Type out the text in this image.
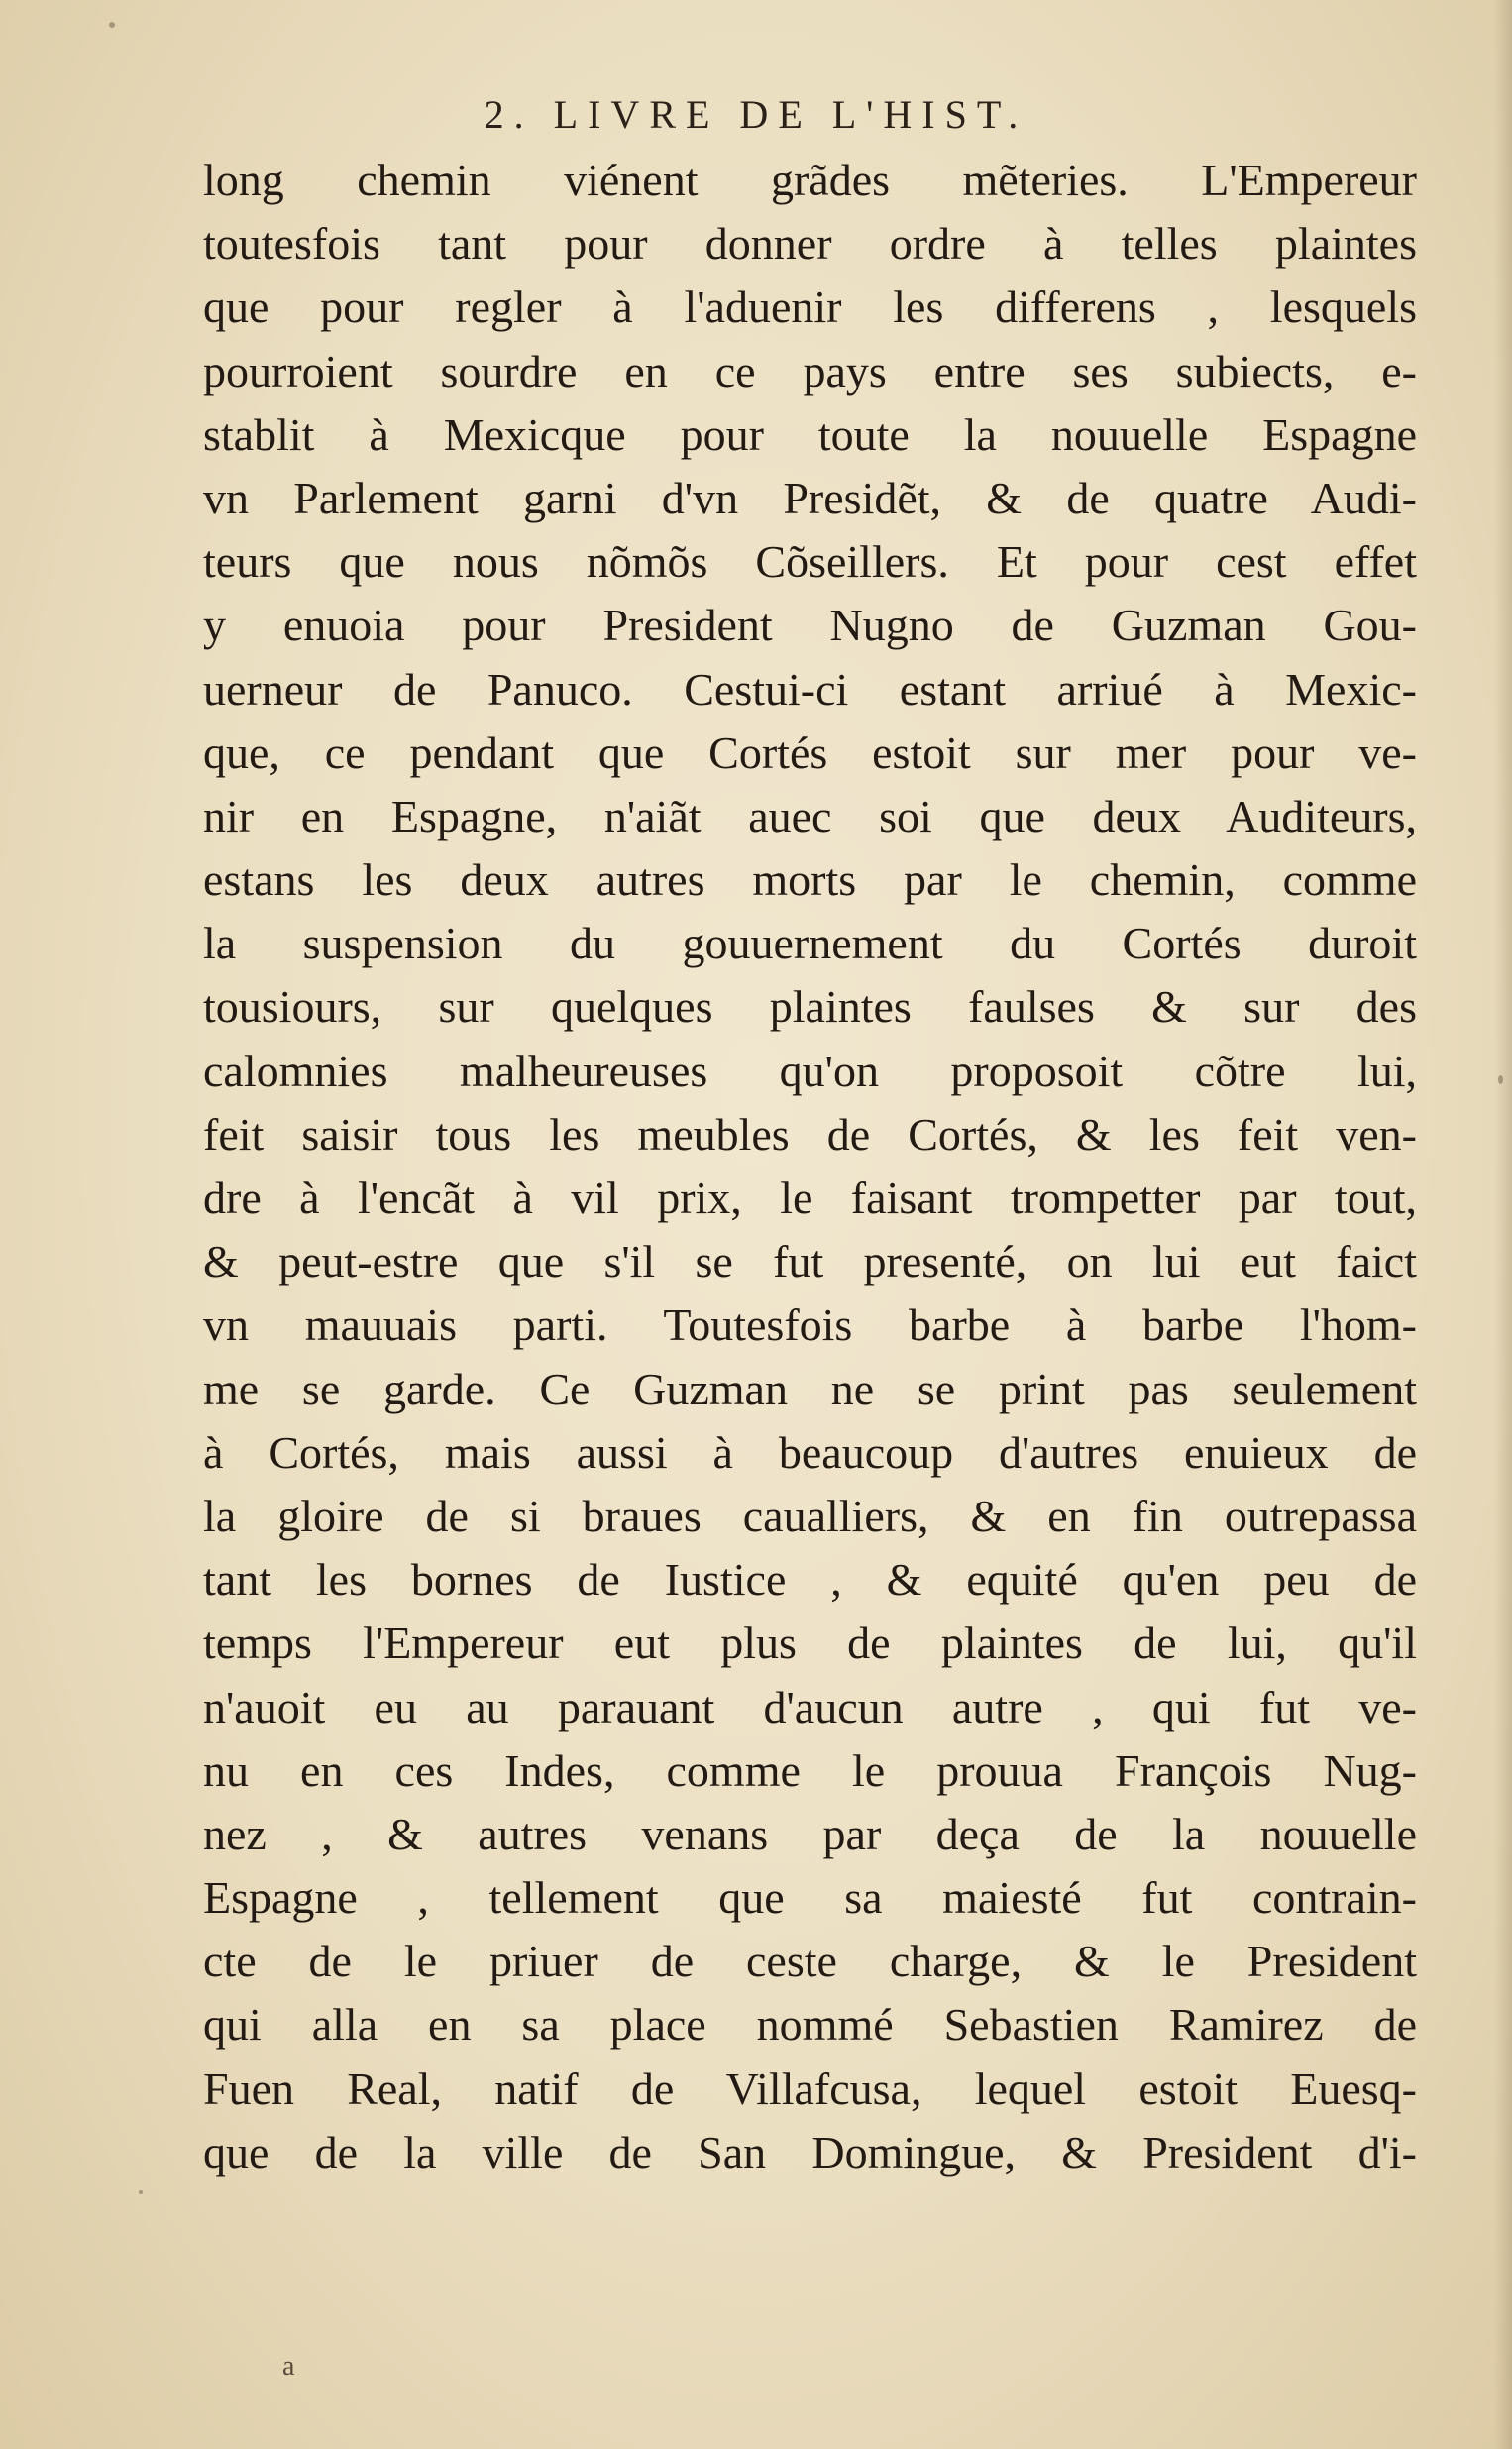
2. LIVRE DE L'HIST.
long chemin viénent grãdes mẽteries. L'Empereur
toutesfois tant pour donner ordre à telles plaintes
que pour regler à l'aduenir les differens , lesquels
pourroient sourdre en ce pays entre ses subiects, e-
stablit à Mexicque pour toute la nouuelle Espagne
vn Parlement garni d'vn Presidẽt, & de quatre Audi-
teurs que nous nõmõs Cõseillers. Et pour cest effet
y enuoia pour President Nugno de Guzman Gou-
uerneur de Panuco. Cestui-ci estant arriué à Mexic-
que, ce pendant que Cortés estoit sur mer pour ve-
nir en Espagne, n'aiãt auec soi que deux Auditeurs,
estans les deux autres morts par le chemin, comme
la suspension du gouuernement du Cortés duroit
tousiours, sur quelques plaintes faulses & sur des
calomnies malheureuses qu'on proposoit cõtre lui,
feit saisir tous les meubles de Cortés, & les feit ven-
dre à l'encãt à vil prix, le faisant trompetter par tout,
& peut-estre que s'il se fut presenté, on lui eut faict
vn mauuais parti. Toutesfois barbe à barbe l'hom-
me se garde. Ce Guzman ne se print pas seulement
à Cortés, mais aussi à beaucoup d'autres enuieux de
la gloire de si braues caualliers, & en fin outrepassa
tant les bornes de Iustice , & equité qu'en peu de
temps l'Empereur eut plus de plaintes de lui, qu'il
n'auoit eu au parauant d'aucun autre , qui fut ve-
nu en ces Indes, comme le prouua François Nug-
nez , & autres venans par deça de la nouuelle
Espagne , tellement que sa maiesté fut contrain-
cte de le priuer de ceste charge, & le President
qui alla en sa place nommé Sebastien Ramirez de
Fuen Real, natif de Villafcusa, lequel estoit Euesq-
que de la ville de San Domingue, & President d'i-
a
